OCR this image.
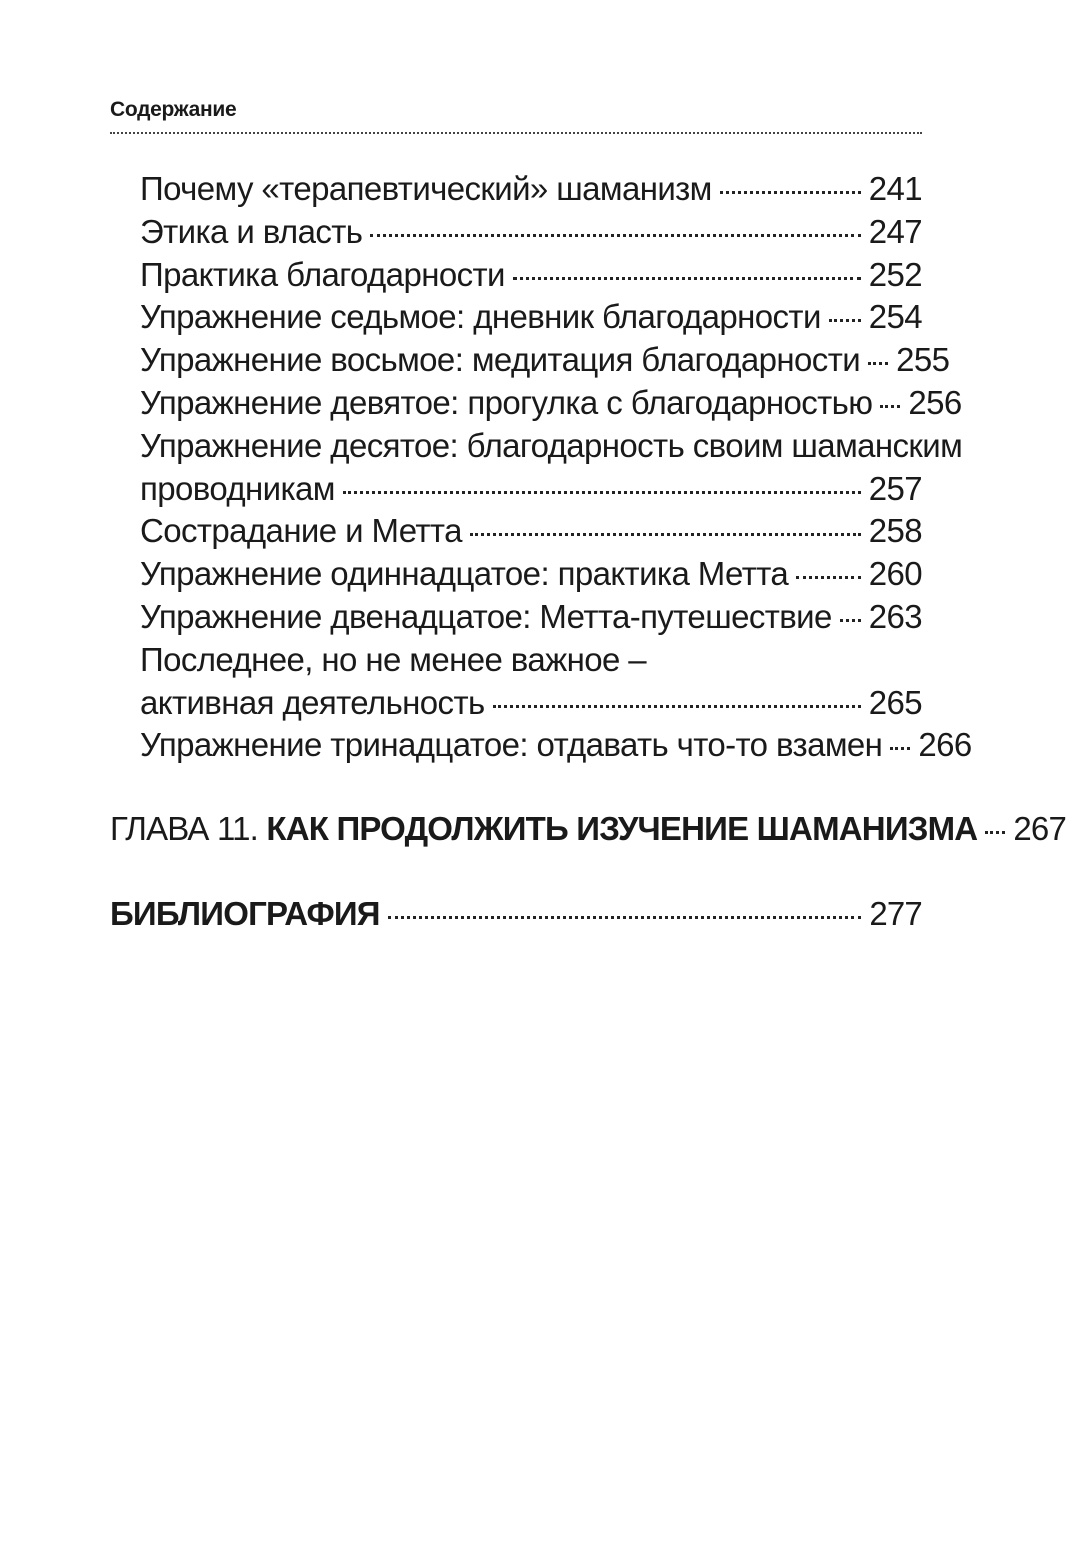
Содержание
Почему «терапевтический» шаманизм	241
Этика и власть	247
Практика благодарности	252
Упражнение седьмое: дневник благодарности 254
Упражнение восьмое: медитация благодарности 255
Упражнение девятое: прогулка с благодарностью 256
Упражнение десятое: благодарность своим шаманским
проводникам	257
Сострадание и Метта	258
Упражнение одиннадцатое: практика Метта 260
Упражнение двенадцатое: Метта-путешествие 263
Последнее, но не менее важное –
активная деятельность	265
Упражнение тринадцатое: отдавать что-то взамен 266
ГЛАВА 11. КАК ПРОДОЛЖИТЬ ИЗУЧЕНИЕ ШАМАНИЗМА 267
БИБЛИОГРАФИЯ	277
